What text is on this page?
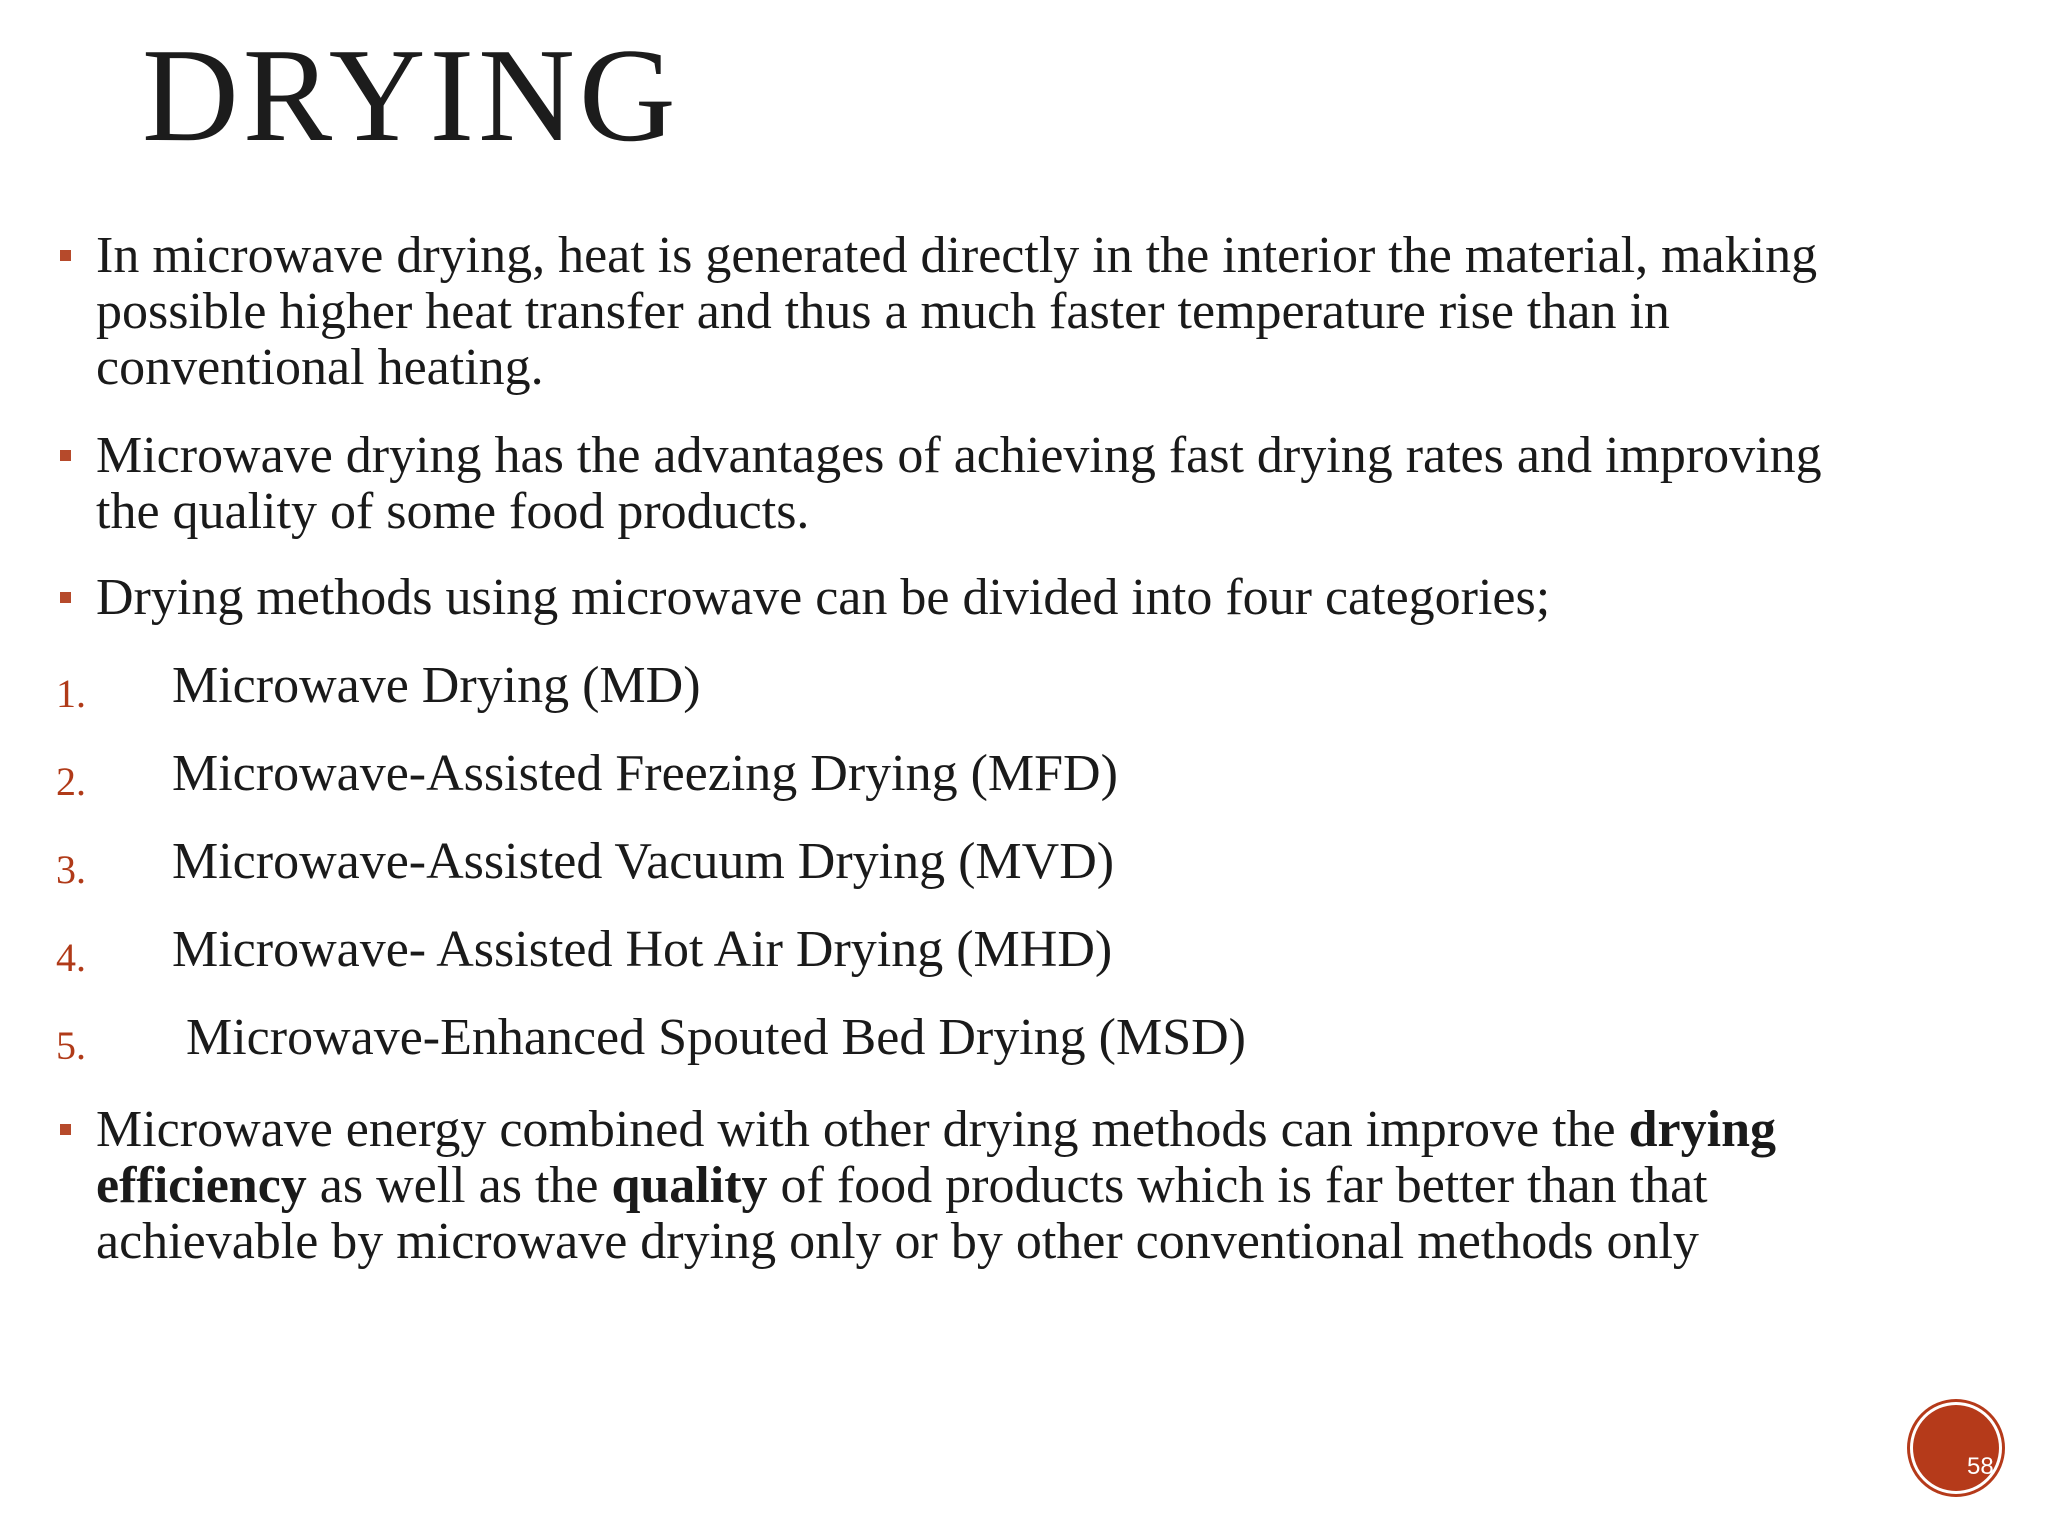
DRYING
In microwave drying, heat is generated directly in the interior the material, making possible higher heat transfer and thus a much faster temperature rise than in conventional heating.
Microwave drying has the advantages of achieving fast drying rates and improving the quality of some food products.
Drying methods using microwave can be divided into four categories;
1. Microwave Drying (MD)
2. Microwave-Assisted Freezing Drying (MFD)
3. Microwave-Assisted Vacuum Drying (MVD)
4. Microwave- Assisted Hot Air Drying (MHD)
5. Microwave-Enhanced Spouted Bed Drying (MSD)
Microwave energy combined with other drying methods can improve the drying efficiency as well as the quality of food products which is far better than that achievable by microwave drying only or by other conventional methods only
58
